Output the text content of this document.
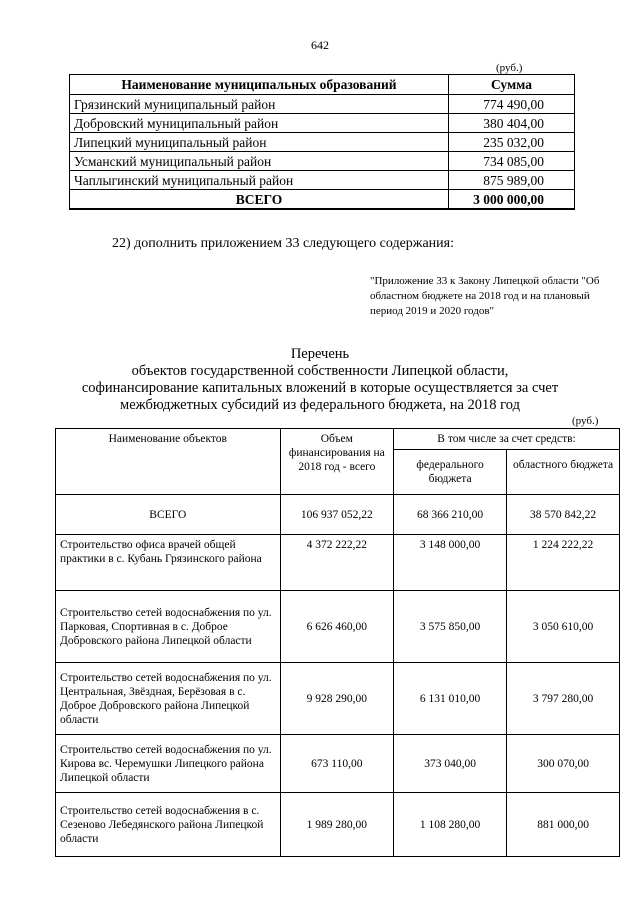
642
(руб.)
Наименование муниципальных образований	Сумма
Грязинский муниципальный район	774 490,00
Добровский муниципальный район	380 404,00
Липецкий муниципальный район	235 032,00
Усманский муниципальный район	734 085,00
Чаплыгинский муниципальный район	875 989,00
ВСЕГО	3 000 000,00
22) дополнить приложением 33 следующего содержания:
"Приложение 33 к Закону Липецкой области "Об областном бюджете на 2018 год и на плановый период 2019 и 2020 годов"
Перечень
объектов государственной собственности Липецкой области,
софинансирование капитальных вложений в которые осуществляется за счет
межбюджетных субсидий из федерального бюджета, на 2018 год
(руб.)
Наименование объектов	Объем финансирования на 2018 год - всего	В том числе за счет средств:	
		федерального бюджета	областного бюджета
ВСЕГО	106 937 052,22	68 366 210,00	38 570 842,22
Строительство офиса врачей общей практики в с. Кубань Грязинского района	4 372 222,22	3 148 000,00	1 224 222,22
Строительство сетей водоснабжения по ул. Парковая, Спортивная в с. Доброе Добровского района Липецкой области	6 626 460,00	3 575 850,00	3 050 610,00
Строительство сетей водоснабжения по ул. Центральная, Звёздная, Берёзовая в с. Доброе Добровского района Липецкой области	9 928 290,00	6 131 010,00	3 797 280,00
Строительство сетей водоснабжения по ул. Кирова вс. Черемушки Липецкого района Липецкой области	673 110,00	373 040,00	300 070,00
Строительство сетей водоснабжения в с. Сезеново Лебедянского района Липецкой области	1 989 280,00	1 108 280,00	881 000,00
